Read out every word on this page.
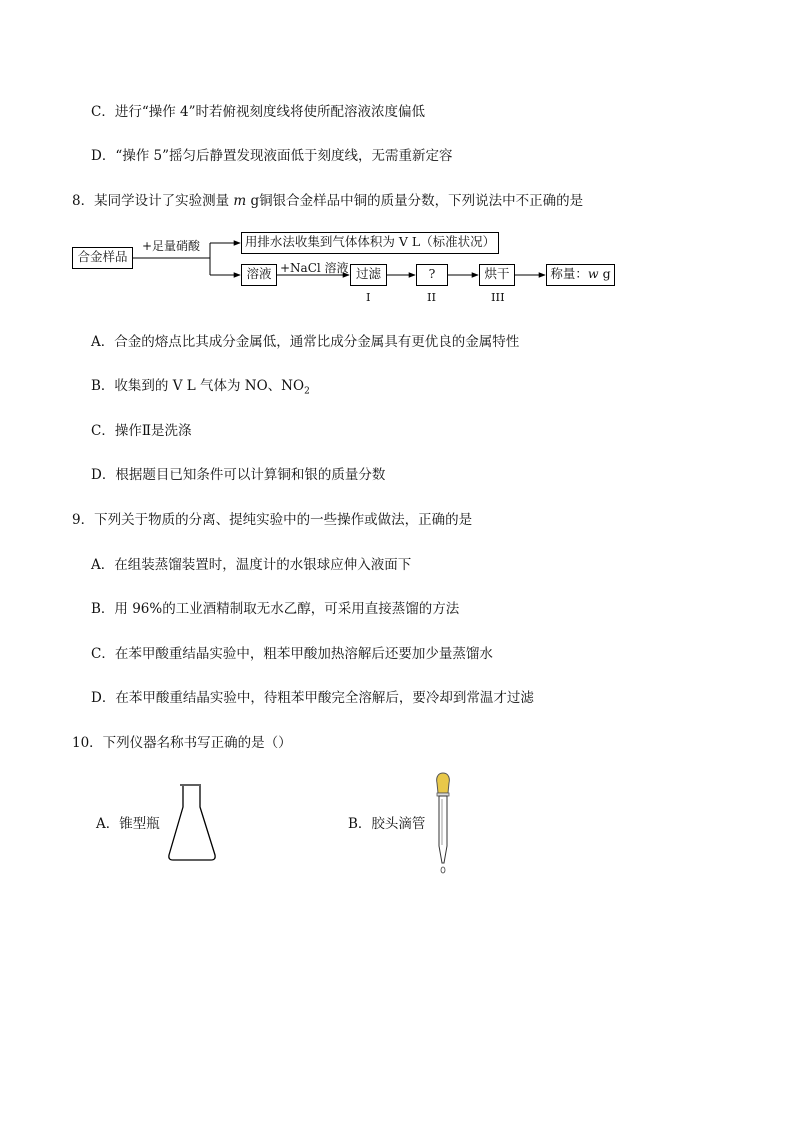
C．进行“操作 4”时若俯视刻度线将使所配溶液浓度偏低
D．“操作 5”摇匀后静置发现液面低于刻度线，无需重新定容
8．某同学设计了实验测量 m g铜银合金样品中铜的质量分数，下列说法中不正确的是
合金样品
+足量硝酸	用排水法收集到气体体积为 V L（标准状况）
溶液 +NaCl 溶液 过滤	?	烘干	称量：w g
I	II	III
A．合金的熔点比其成分金属低，通常比成分金属具有更优良的金属特性
B．收集到的 V L 气体为 NO、$NO_2$
C．操作Ⅱ是洗涤
D．根据题目已知条件可以计算铜和银的质量分数
9．下列关于物质的分离、提纯实验中的一些操作或做法，正确的是
A．在组装蒸馏装置时，温度计的水银球应伸入液面下
B．用 96%的工业酒精制取无水乙醇，可采用直接蒸馏的方法
C．在苯甲酸重结晶实验中，粗苯甲酸加热溶解后还要加少量蒸馏水
D．在苯甲酸重结晶实验中，待粗苯甲酸完全溶解后，要冷却到常温才过滤
10．下列仪器名称书写正确的是（）
A．锥型瓶	B．胶头滴管
